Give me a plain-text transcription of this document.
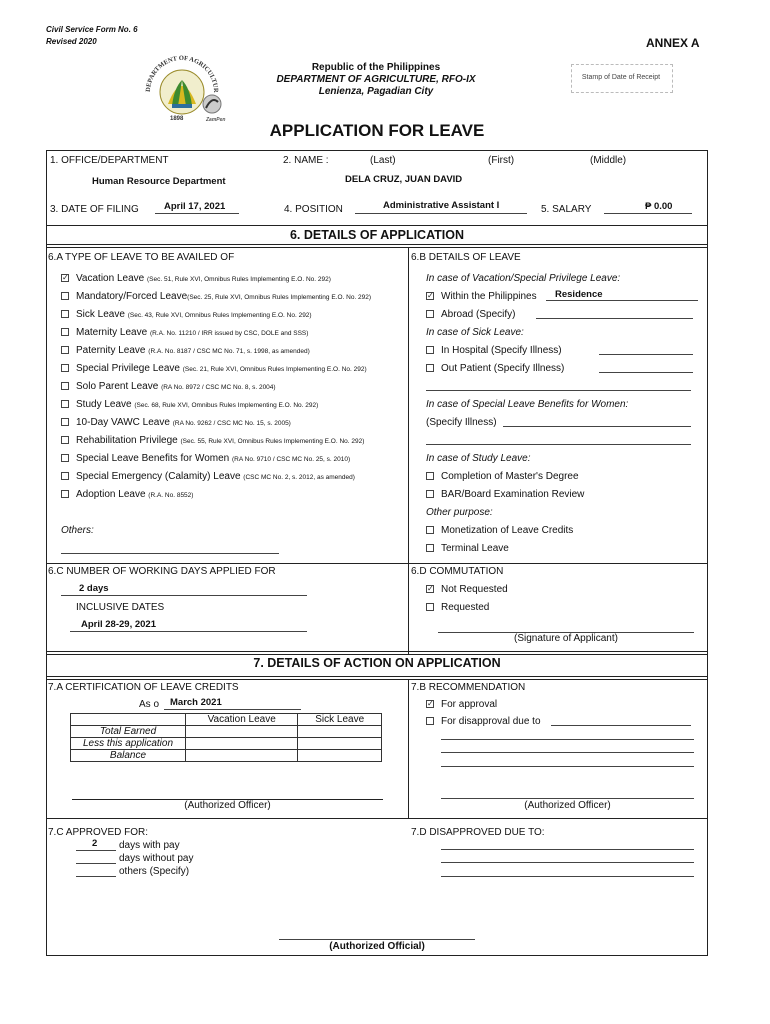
Civil Service Form No. 6
Revised 2020	ANNEX A
DEPARTMENT OF AGRICULTUR
1898	ZamPen
Republic of the Philippines
DEPARTMENT OF AGRICULTURE, RFO-IX
Lenienza, Pagadian City
Stamp of Date of Receipt
APPLICATION FOR LEAVE
1. OFFICE/DEPARTMENT
Human Resource Department
2. NAME :	(Last)	(First)	(Middle)
DELA CRUZ, JUAN DAVID
3. DATE OF FILING	April 17, 2021	4. POSITION	Administrative Assistant I	5. SALARY	₱ 0.00
6. DETAILS OF APPLICATION
6.A TYPE OF LEAVE TO BE AVAILED OF	6.B DETAILS OF LEAVE
✓ Vacation Leave (Sec. 51, Rule XVI, Omnibus Rules Implementing E.O. No. 292)
Mandatory/Forced Leave(Sec. 25, Rule XVI, Omnibus Rules Implementing E.O. No. 292)
Sick Leave (Sec. 43, Rule XVI, Omnibus Rules Implementing E.O. No. 292)
Maternity Leave (R.A. No. 11210 / IRR issued by CSC, DOLE and SSS)
Paternity Leave (R.A. No. 8187 / CSC MC No. 71, s. 1998, as amended)
Special Privilege Leave (Sec. 21, Rule XVI, Omnibus Rules Implementing E.O. No. 292)
Solo Parent Leave (RA No. 8972 / CSC MC No. 8, s. 2004)
Study Leave (Sec. 68, Rule XVI, Omnibus Rules Implementing E.O. No. 292)
10-Day VAWC Leave (RA No. 9262 / CSC MC No. 15, s. 2005)
Rehabilitation Privilege (Sec. 55, Rule XVI, Omnibus Rules Implementing E.O. No. 292)
Special Leave Benefits for Women (RA No. 9710 / CSC MC No. 25, s. 2010)
Special Emergency (Calamity) Leave (CSC MC No. 2, s. 2012, as amended)
Adoption Leave (R.A. No. 8552)
Others:
In case of Vacation/Special Privilege Leave:
✓ Within the Philippines Residence
Abroad (Specify)
In case of Sick Leave:
In Hospital (Specify Illness)
Out Patient (Specify Illness)
In case of Special Leave Benefits for Women:
(Specify Illness)
In case of Study Leave:
Completion of Master's Degree
BAR/Board Examination Review
Other purpose:
Monetization of Leave Credits
Terminal Leave
6.C NUMBER OF WORKING DAYS APPLIED FOR
2 days
INCLUSIVE DATES
April 28-29, 2021
6.D COMMUTATION
✓ Not Requested
Requested
(Signature of Applicant)
7. DETAILS OF ACTION ON APPLICATION
7.A CERTIFICATION OF LEAVE CREDITS
As o March 2021
	Vacation Leave	Sick Leave
Total Earned		
Less this application		
Balance		
(Authorized Officer)
7.B RECOMMENDATION
✓ For approval
For disapproval due to
(Authorized Officer)
7.C APPROVED FOR:
2 days with pay
days without pay
others (Specify)
7.D DISAPPROVED DUE TO:
(Authorized Official)
